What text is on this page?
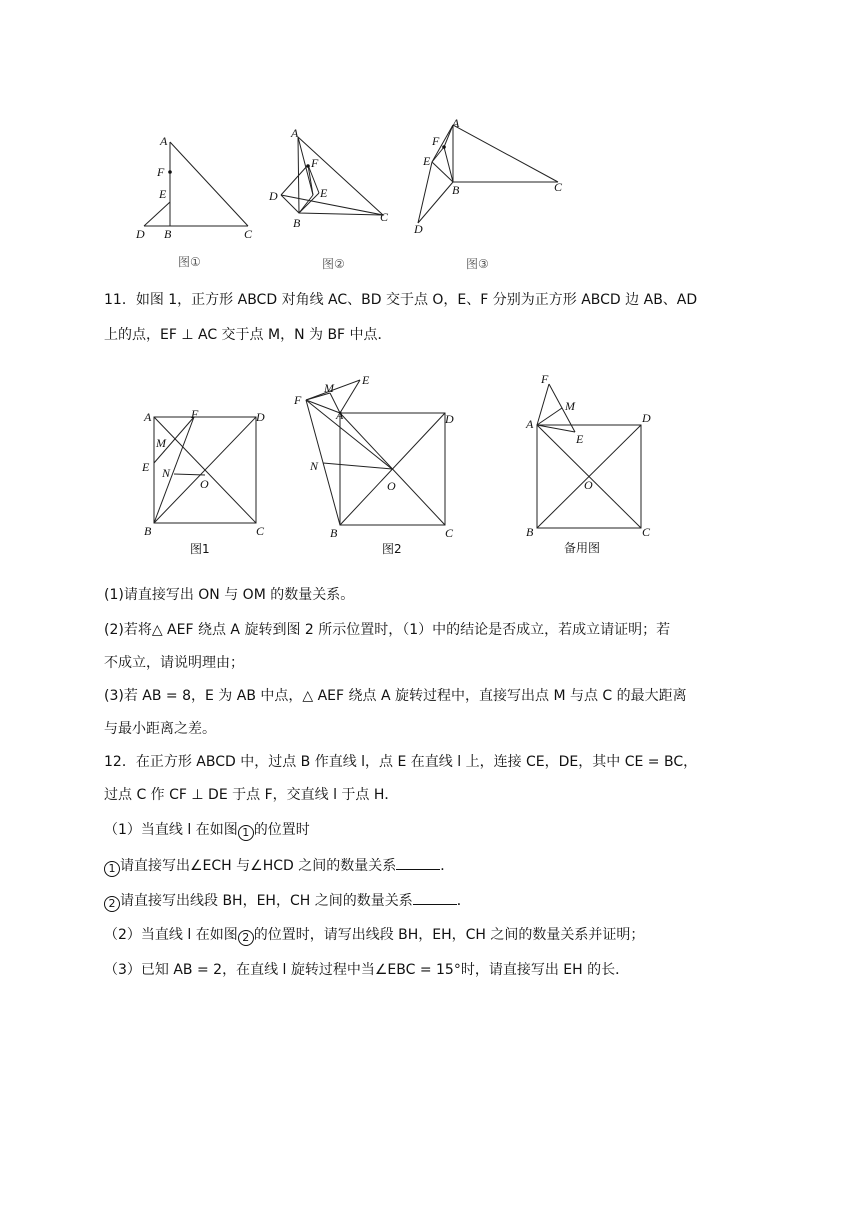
A
F
E
D B	C
图①
A
F
E
D
B	C
图②
A
F
E
B	C
D
图③
11．如图 1，正方形 ABCD 对角线 AC、BD 交于点 O，E、F 分别为正方形 ABCD 边 AB、AD
上的点，EF ⊥ AC 交于点 M，N 为 BF 中点．
A	F	D
M
E N
O
B	C
图1
M
E
F
A	D
N
O
B	C
图2
F
M
A	D
E
O
B	C
备用图
(1)请直接写出 ON 与 OM 的数量关系。
(2)若将△ AEF 绕点 A 旋转到图 2 所示位置时，（1）中的结论是否成立，若成立请证明；若
不成立，请说明理由；
(3)若 AB = 8，E 为 AB 中点，△ AEF 绕点 A 旋转过程中，直接写出点 M 与点 C 的最大距离
与最小距离之差。
12．在正方形 ABCD 中，过点 B 作直线 l，点 E 在直线 l 上，连接 CE，DE，其中 CE = BC，
过点 C 作 CF ⊥ DE 于点 F，交直线 l 于点 H．
（1）当直线 l 在如图 1 的位置时
1 请直接写出∠ECH 与∠HCD 之间的数量关系	．
2 请直接写出线段 BH，EH，CH 之间的数量关系	．
（2）当直线 l 在如图 2 的位置时，请写出线段 BH，EH，CH 之间的数量关系并证明；
（3）已知 AB = 2，在直线 l 旋转过程中当∠EBC = 15°时，请直接写出 EH 的长．
